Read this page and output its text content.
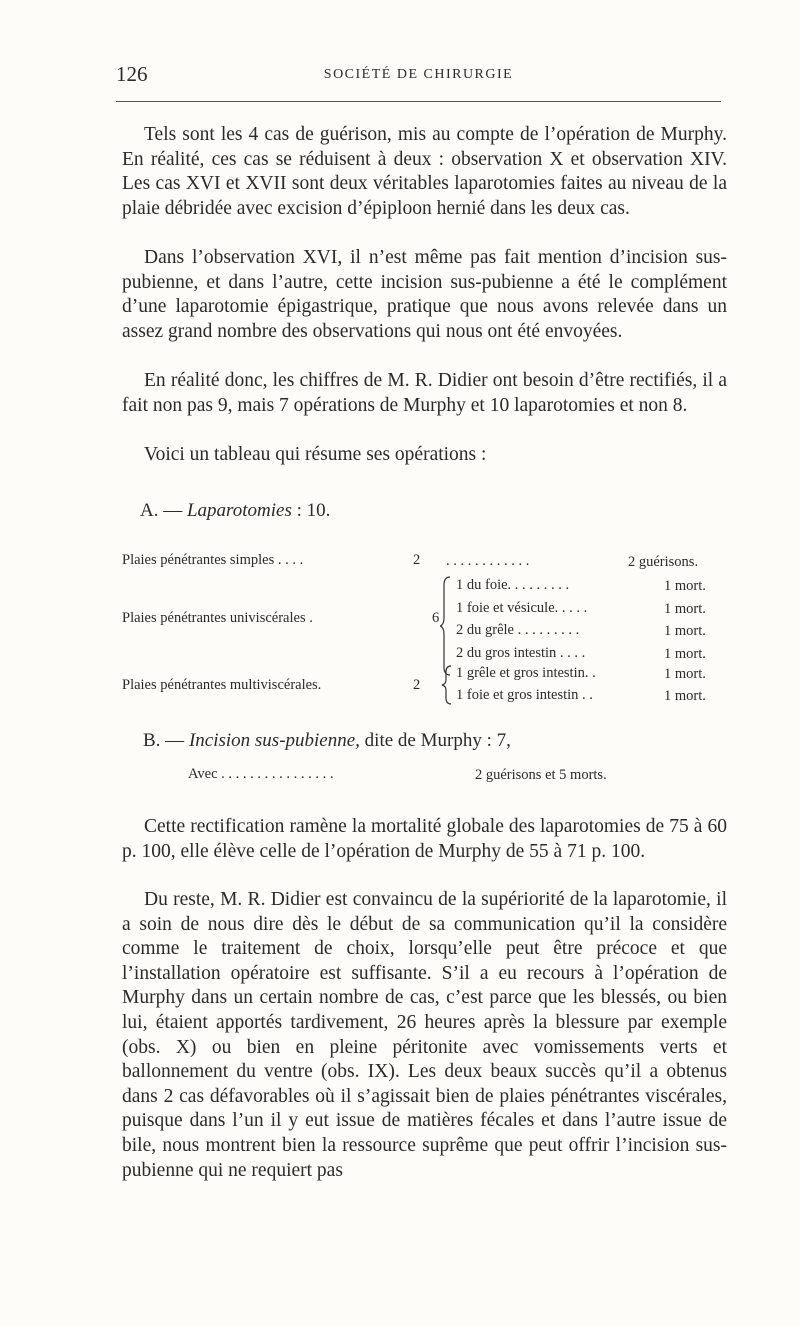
126	SOCIÉTÉ DE CHIRURGIE

Tels sont les 4 cas de guérison, mis au compte de l’opération de Murphy. En réalité, ces cas se réduisent à deux : observation X et observation XIV. Les cas XVI et XVII sont deux véritables laparotomies faites au niveau de la plaie débridée avec excision d’épiploon hernié dans les deux cas.

Dans l’observation XVI, il n’est même pas fait mention d’incision sus-pubienne, et dans l’autre, cette incision sus-pubienne a été le complément d’une laparotomie épigastrique, pratique que nous avons relevée dans un assez grand nombre des observations qui nous ont été envoyées.

En réalité donc, les chiffres de M. R. Didier ont besoin d’être rectifiés, il a fait non pas 9, mais 7 opérations de Murphy et 10 laparotomies et non 8.

Voici un tableau qui résume ses opérations :

A. — Laparotomies : 10.
Plaies pénétrantes simples . . . .	2 . . . . . . . . . . . .	2 guérisons.
Plaies pénétrantes univiscérales .	6
1 du foie. . . . . . . . .	1 mort.
1 foie et vésicule. . . . .	1 mort.
2 du grêle . . . . . . . . .	1 mort.
2 du gros intestin . . . .	1 mort.
Plaies pénétrantes multiviscérales.	2
1 grêle et gros intestin. .	1 mort.
1 foie et gros intestin . .	1 mort.
B. — Incision sus-pubienne, dite de Murphy : 7,
Avec . . . . . . . . . . . . . . . .	2 guérisons et 5 morts.

Cette rectification ramène la mortalité globale des laparotomies de 75 à 60 p. 100, elle élève celle de l’opération de Murphy de 55 à 71 p. 100.

Du reste, M. R. Didier est convaincu de la supériorité de la laparotomie, il a soin de nous dire dès le début de sa communication qu’il la considère comme le traitement de choix, lorsqu’elle peut être précoce et que l’installation opératoire est suffisante. S’il a eu recours à l’opération de Murphy dans un certain nombre de cas, c’est parce que les blessés, ou bien lui, étaient apportés tardivement, 26 heures après la blessure par exemple (obs. X) ou bien en pleine péritonite avec vomissements verts et ballonnement du ventre (obs. IX). Les deux beaux succès qu’il a obtenus dans 2 cas défavorables où il s’agissait bien de plaies pénétrantes viscérales, puisque dans l’un il y eut issue de matières fécales et dans l’autre issue de bile, nous montrent bien la ressource suprême que peut offrir l’incision sus-pubienne qui ne requiert pas
